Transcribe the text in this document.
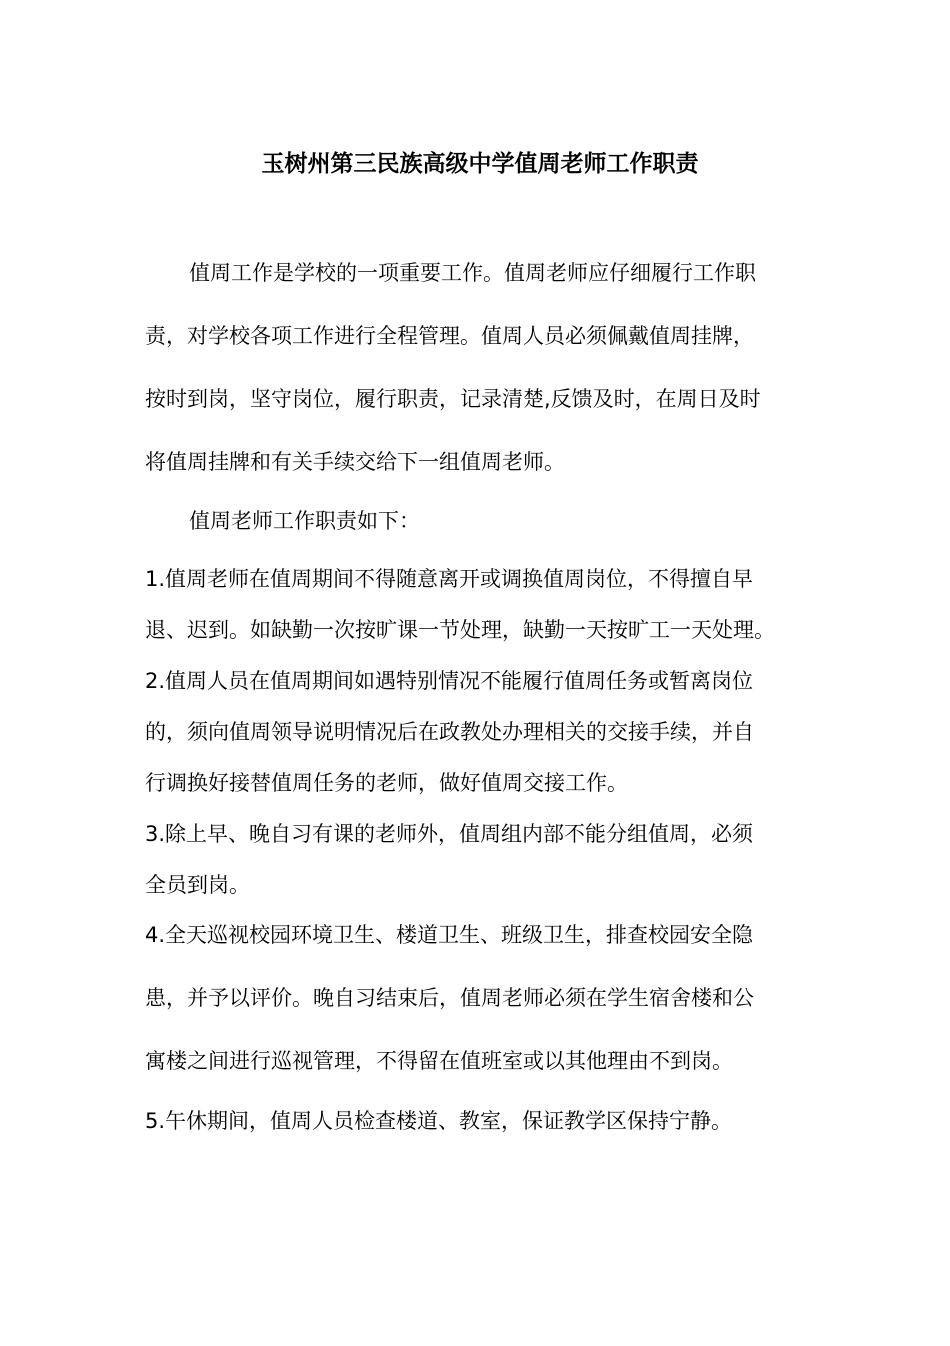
玉树州第三民族高级中学值周老师工作职责
值周工作是学校的一项重要工作。值周老师应仔细履行工作职
责，对学校各项工作进行全程管理。值周人员必须佩戴值周挂牌，
按时到岗，坚守岗位，履行职责，记录清楚,反馈及时，在周日及时
将值周挂牌和有关手续交给下一组值周老师。
值周老师工作职责如下：
1.值周老师在值周期间不得随意离开或调换值周岗位，不得擅自早
退、迟到。如缺勤一次按旷课一节处理，缺勤一天按旷工一天处理。
2.值周人员在值周期间如遇特别情况不能履行值周任务或暂离岗位
的，须向值周领导说明情况后在政教处办理相关的交接手续，并自
行调换好接替值周任务的老师，做好值周交接工作。
3.除上早、晚自习有课的老师外，值周组内部不能分组值周，必须
全员到岗。
4.全天巡视校园环境卫生、楼道卫生、班级卫生，排查校园安全隐
患，并予以评价。晚自习结束后，值周老师必须在学生宿舍楼和公
寓楼之间进行巡视管理，不得留在值班室或以其他理由不到岗。
5.午休期间，值周人员检查楼道、教室，保证教学区保持宁静。
